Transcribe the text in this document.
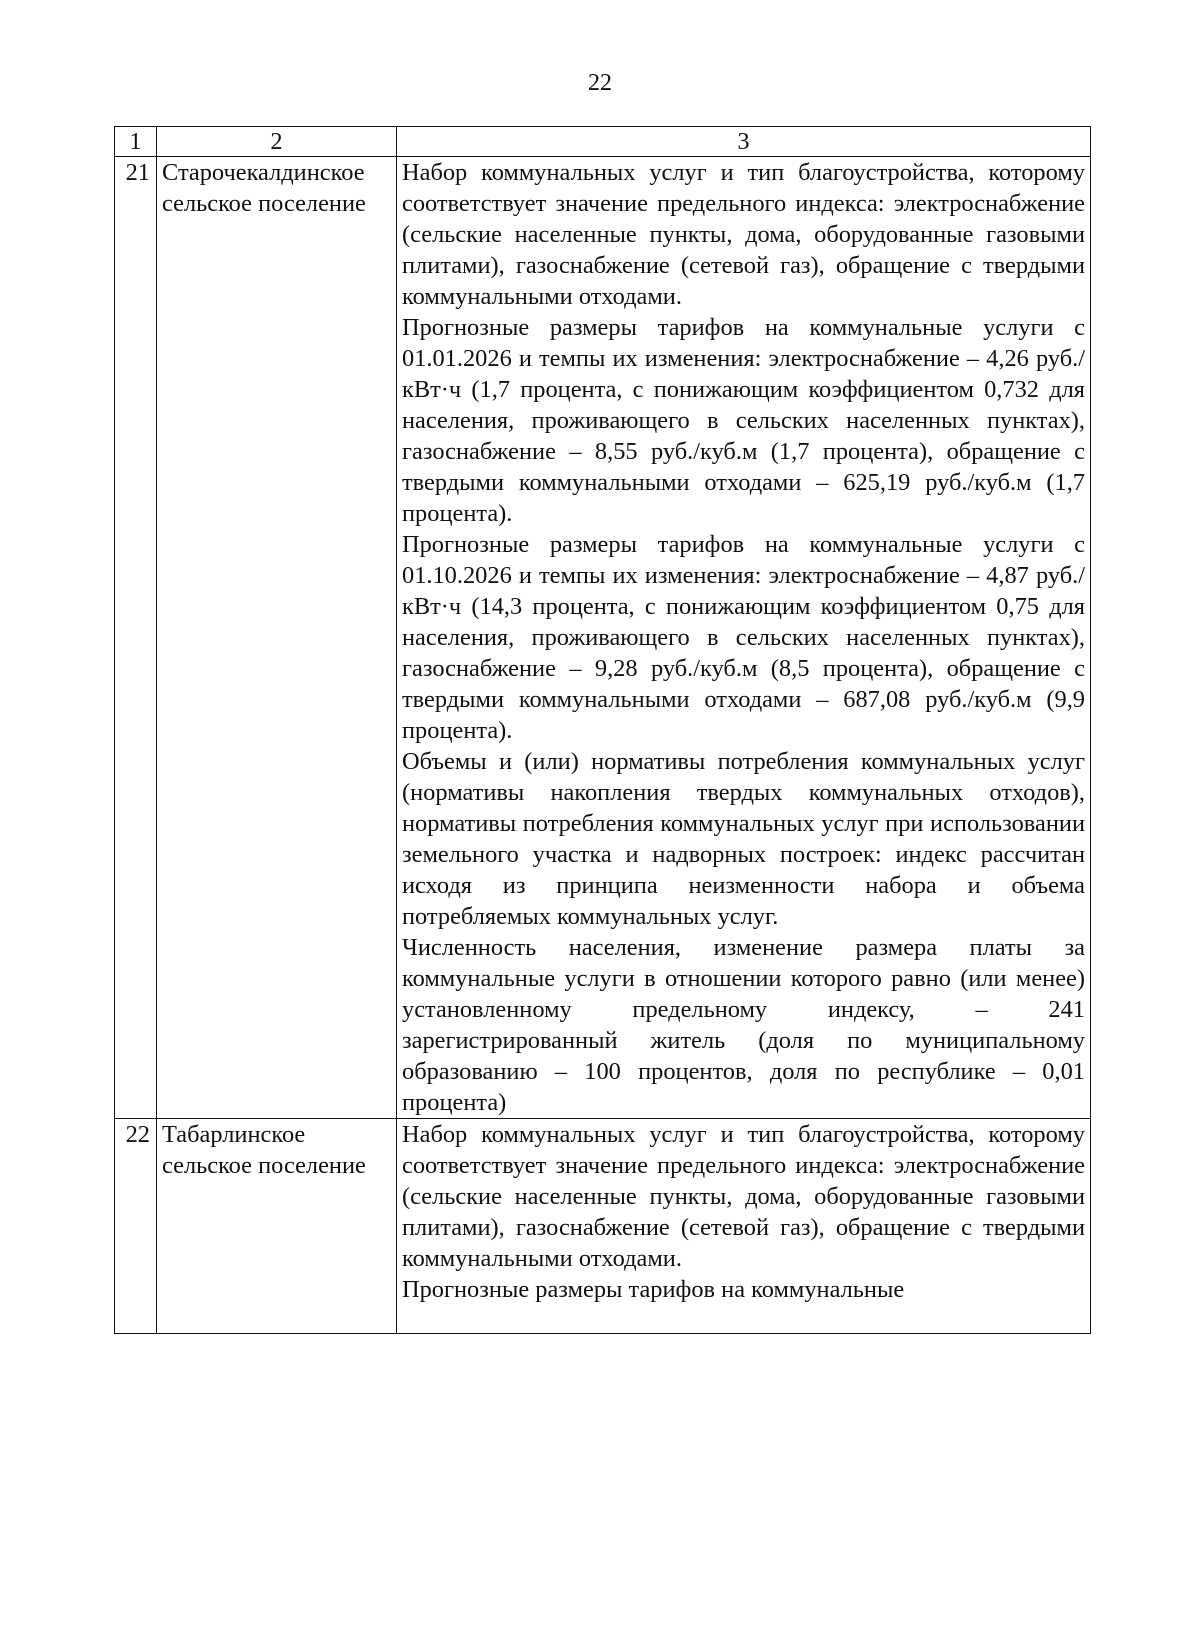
22
1	2	3
21	Старочекалдинское сельское поселение	Набор коммунальных услуг и тип благоустройства, которому соответствует значение предельного индекса: электроснабжение (сельские населенные пункты, дома, оборудованные газовыми плитами), газоснабжение (сетевой газ), обращение с твердыми коммунальными отходами.

Прогнозные размеры тарифов на коммунальные услуги с 01.01.2026 и темпы их изменения: электроснабжение – 4,26 руб./кВт·ч (1,7 процента, с понижающим коэффициентом 0,732 для населения, проживающего в сельских населенных пунктах), газоснабжение – 8,55 руб./куб.м (1,7 процента), обращение с твердыми коммунальными отходами – 625,19 руб./куб.м (1,7 процента).

Прогнозные размеры тарифов на коммунальные услуги с 01.10.2026 и темпы их изменения: электроснабжение – 4,87 руб./кВт·ч (14,3 процента, с понижающим коэффициентом 0,75 для населения, проживающего в сельских населенных пунктах), газоснабжение – 9,28 руб./куб.м (8,5 процента), обращение с твердыми коммунальными отходами – 687,08 руб./куб.м (9,9 процента).

Объемы и (или) нормативы потребления коммунальных услуг (нормативы накопления твердых коммунальных отходов), нормативы потребления коммунальных услуг при использовании земельного участка и надворных построек: индекс рассчитан исходя из принципа неизменности набора и объема потребляемых коммунальных услуг.

Численность населения, изменение размера платы за коммунальные услуги в отношении которого равно (или менее) установленному предельному индексу, – 241 зарегистрированный житель (доля по муниципальному образованию – 100 процентов, доля по республике – 0,01 процента)

22	Табарлинское сельское поселение	Набор коммунальных услуг и тип благоустройства, которому соответствует значение предельного индекса: электроснабжение (сельские населенные пункты, дома, оборудованные газовыми плитами), газоснабжение (сетевой газ), обращение с твердыми коммунальными отходами.

Прогнозные размеры тарифов на коммунальные
